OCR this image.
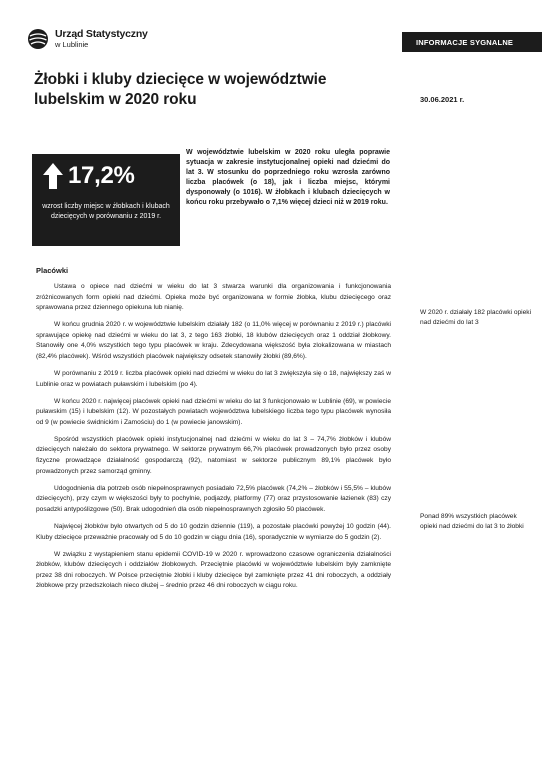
Urząd Statystyczny
w Lublinie	INFORMACJE SYGNALNE
Żłobki i kluby dziecięce w województwie lubelskim w 2020 roku	30.06.2021 r.
17,2%
wzrost liczby miejsc w żłobkach i klubach dziecięcych w porównaniu z 2019 r.

W województwie lubelskim w 2020 roku uległa poprawie sytuacja w zakresie instytucjonalnej opieki nad dziećmi do lat 3. W stosunku do poprzedniego roku wzrosła zarówno liczba placówek (o 18), jak i liczba miejsc, którymi dysponowały (o 1016). W żłobkach i klubach dziecięcych w końcu roku przebywało o 7,1% więcej dzieci niż w 2019 roku.

Placówki

Ustawa o opiece nad dziećmi w wieku do lat 3 stwarza warunki dla organizowania i funkcjonowania zróżnicowanych form opieki nad dziećmi. Opieka może być organizowana w formie żłobka, klubu dziecięcego oraz sprawowana przez dziennego opiekuna lub nianię.

W końcu grudnia 2020 r. w województwie lubelskim działały 182 (o 11,0% więcej w porównaniu z 2019 r.) placówki sprawujące opiekę nad dziećmi w wieku do lat 3, z tego 163 żłobki, 18 klubów dziecięcych oraz 1 oddział żłobkowy. Stanowiły one 4,0% wszystkich tego typu placówek w kraju. Zdecydowana większość była zlokalizowana w miastach (82,4% placówek). Wśród wszystkich placówek największy odsetek stanowiły żłobki (89,6%).

W porównaniu z 2019 r. liczba placówek opieki nad dziećmi w wieku do lat 3 zwiększyła się o 18, największy zaś w Lublinie oraz w powiatach puławskim i lubelskim (po 4).

W końcu 2020 r. najwięcej placówek opieki nad dziećmi w wieku do lat 3 funkcjonowało w Lublinie (69), w powiecie puławskim (15) i lubelskim (12). W pozostałych powiatach województwa lubelskiego liczba tego typu placówek wynosiła od 9 (w powiecie świdnickim i Zamościu) do 1 (w powiecie janowskim).

Spośród wszystkich placówek opieki instytucjonalnej nad dziećmi w wieku do lat 3 – 74,7% żłobków i klubów dziecięcych należało do sektora prywatnego. W sektorze prywatnym 66,7% placówek prowadzonych było przez osoby fizyczne prowadzące działalność gospodarczą (92), natomiast w sektorze publicznym 89,1% placówek było prowadzonych przez samorząd gminny.

Udogodnienia dla potrzeb osób niepełnosprawnych posiadało 72,5% placówek (74,2% – żłobków i 55,5% – klubów dziecięcych), przy czym w większości były to pochylnie, podjazdy, platformy (77) oraz przystosowanie łazienek (83) czy posadzki antypoślizgowe (50). Brak udogodnień dla osób niepełnosprawnych zgłosiło 50 placówek.

Najwięcej żłobków było otwartych od 5 do 10 godzin dziennie (119), a pozostałe placówki powyżej 10 godzin (44). Kluby dziecięce przeważnie pracowały od 5 do 10 godzin w ciągu dnia (16), sporadycznie w wymiarze do 5 godzin (2).

W związku z wystąpieniem stanu epidemii COVID-19 w 2020 r. wprowadzono czasowe ograniczenia działalności żłobków, klubów dziecięcych i oddziałów żłobkowych. Przeciętnie placówki w województwie lubelskim były zamknięte przez 38 dni roboczych. W Polsce przeciętnie żłobki i kluby dziecięce był zamknięte przez 41 dni roboczych, a oddziały żłobkowe przy przedszkolach nieco dłużej – średnio przez 46 dni roboczych w ciągu roku.

W 2020 r. działały 182 placówki opieki nad dziećmi do lat 3
Ponad 89% wszystkich placówek opieki nad dziećmi do lat 3 to żłobki
